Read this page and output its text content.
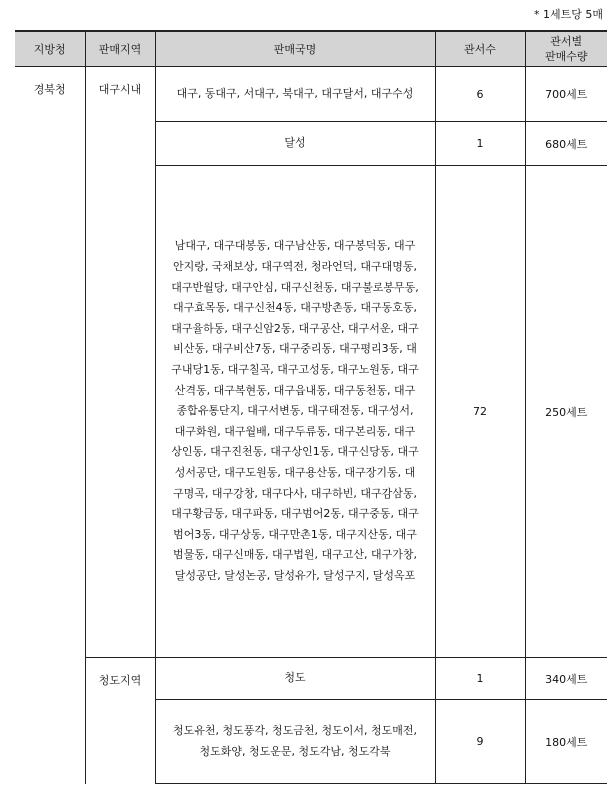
* 1세트당 5매
지방청	판매지역	판매국명	관서수	관서별
판매수량

경북청	대구시내	대구, 동대구, 서대구, 북대구, 대구달서, 대구수성	6	700세트

		달성	1	680세트

		남대구, 대구대봉동, 대구남산동, 대구봉덕동, 대구안지랑, 국채보상, 대구역전, 청라언덕, 대구대명동, 대구반월당, 대구안심, 대구신천동, 대구불로봉무동, 대구효목동, 대구신천4동, 대구방촌동, 대구동호동, 대구율하동, 대구신암2동, 대구공산, 대구서운, 대구비산동, 대구비산7동, 대구중리동, 대구평리3동, 대구내당1동, 대구칠곡, 대구고성동, 대구노원동, 대구산격동, 대구복현동, 대구읍내동, 대구동천동, 대구종합유통단지, 대구서변동, 대구태전동, 대구성서, 대구화원, 대구월배, 대구두류동, 대구본리동, 대구상인동, 대구진천동, 대구상인1동, 대구신당동, 대구성서공단, 대구도원동, 대구용산동, 대구장기동, 대구명곡, 대구강창, 대구다사, 대구하빈, 대구감삼동, 대구황금동, 대구파동, 대구범어2동, 대구중동, 대구범어3동, 대구상동, 대구만촌1동, 대구지산동, 대구범물동, 대구신매동, 대구법원, 대구고산, 대구가창, 달성공단, 달성논공, 달성유가, 달성구지, 달성옥포	72	250세트
	청도지역	청도	1	340세트

		청도유천, 청도풍각, 청도금천, 청도이서, 청도매전, 청도화양, 청도운문, 청도각남, 청도각북	9	180세트
